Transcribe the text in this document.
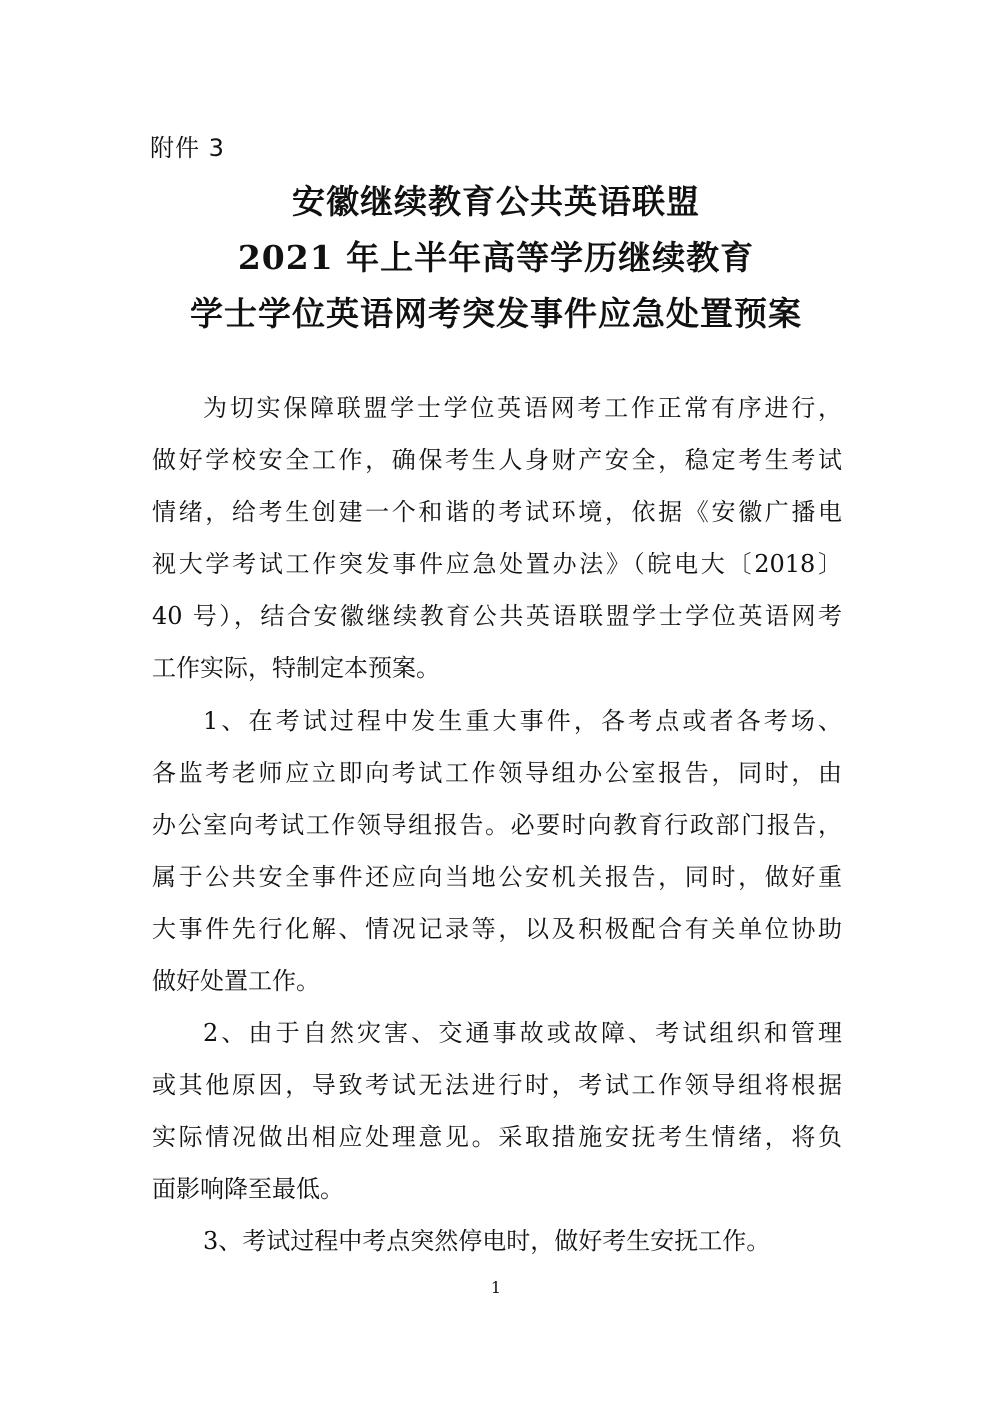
附件 3
安徽继续教育公共英语联盟
2021 年上半年高等学历继续教育
学士学位英语网考突发事件应急处置预案
为切实保障联盟学士学位英语网考工作正常有序进行，
做好学校安全工作，确保考生人身财产安全，稳定考生考试
情绪，给考生创建一个和谐的考试环境，依据《安徽广播电
视大学考试工作突发事件应急处置办法》（皖电大〔2018〕
40 号），结合安徽继续教育公共英语联盟学士学位英语网考
工作实际，特制定本预案。
1、在考试过程中发生重大事件，各考点或者各考场、
各监考老师应立即向考试工作领导组办公室报告，同时，由
办公室向考试工作领导组报告。必要时向教育行政部门报告，
属于公共安全事件还应向当地公安机关报告，同时，做好重
大事件先行化解、情况记录等，以及积极配合有关单位协助
做好处置工作。
2、由于自然灾害、交通事故或故障、考试组织和管理
或其他原因，导致考试无法进行时，考试工作领导组将根据
实际情况做出相应处理意见。采取措施安抚考生情绪，将负
面影响降至最低。
3、考试过程中考点突然停电时，做好考生安抚工作。
1
